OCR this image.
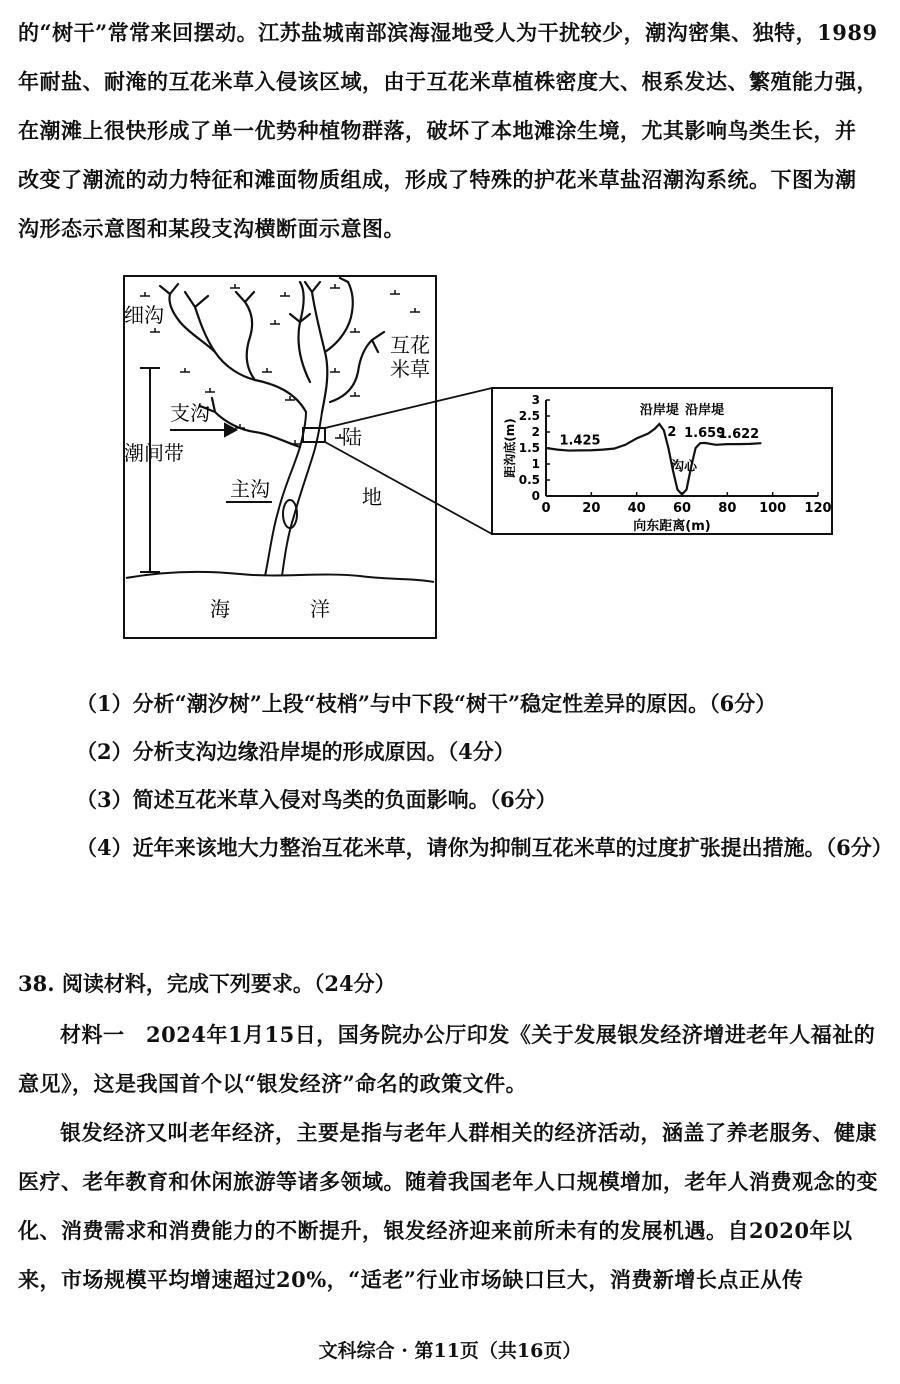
的“树干”常常来回摆动。江苏盐城南部滨海湿地受人为干扰较少，潮沟密集、独特，1989

年耐盐、耐淹的互花米草入侵该区域，由于互花米草植株密度大、根系发达、繁殖能力强，

在潮滩上很快形成了单一优势种植物群落，破坏了本地滩涂生境，尤其影响鸟类生长，并

改变了潮流的动力特征和滩面物质组成，形成了特殊的护花米草盐沼潮沟系统。下图为潮

沟形态示意图和某段支沟横断面示意图。

细沟
互花
米草
支沟
潮间带
主沟
陆
地
海	洋
0 20 40 60 80 100 120
0
0.5
1
1.5
2
2.5
3
向东距离(m)
距沟底(m)	1.425
沿岸堤
2
沿岸堤
1.659
1.622
沟心
（1）分析“潮汐树”上段“枝梢”与中下段“树干”稳定性差异的原因。（6分）
（2）分析支沟边缘沿岸堤的形成原因。（4分）
（3）简述互花米草入侵对鸟类的负面影响。（6分）
（4）近年来该地大力整治互花米草，请你为抑制互花米草的过度扩张提出措施。（6分）
38. 阅读材料，完成下列要求。（24分）

材料一　 2024年1月15日，国务院办公厅印发《关于发展银发经济增进老年人福祉的意见》，这是我国首个以“银发经济”命名的政策文件。

银发经济又叫老年经济，主要是指与老年人群相关的经济活动，涵盖了养老服务、健康医疗、老年教育和休闲旅游等诸多领域。随着我国老年人口规模增加，老年人消费观念的变化、消费需求和消费能力的不断提升，银发经济迎来前所未有的发展机遇。自2020年以来，市场规模平均增速超过20%，“适老”行业市场缺口巨大，消费新增长点正从传

文科综合 · 第11页（共16页）
